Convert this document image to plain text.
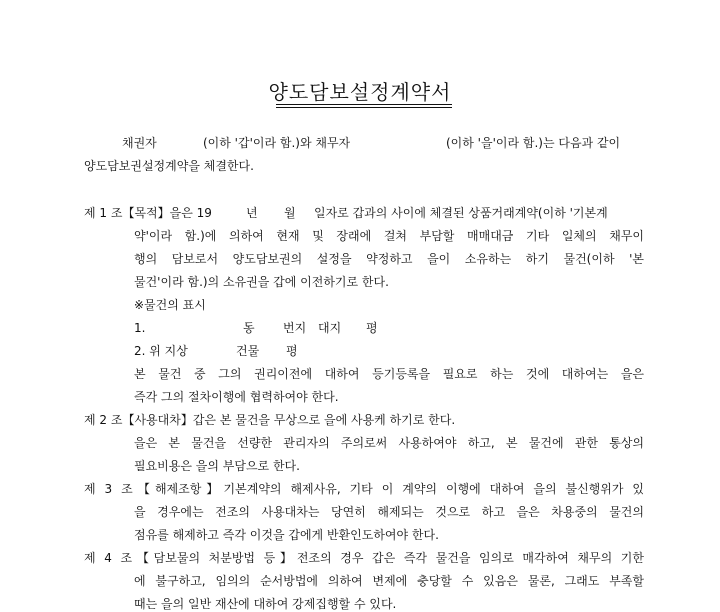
양도담보설정계약서
채권자	(이하 '갑'이라 함.)와 채무자	(이하 '을'이라 함.)는 다음과 같이
양도담보권설정계약을 체결한다.
제 1 조【목적】을은 19	년 월 일자로 갑과의 사이에 체결된 상품거래계약(이하 '기본계
약'이라 함.)에 의하여 현재 및 장래에 걸쳐 부담할 매매대금 기타 일체의 채무이
행의 담보로서 양도담보권의 설정을 약정하고 을이 소유하는 하기 물건(이하 '본
물건'이라 함.)의 소유권을 갑에 이전하기로 한다.
※물건의 표시
1.	동 번지 대지 평
2. 위 지상	건물 평
본 물건 중 그의 권리이전에 대하여 등기등록을 필요로 하는 것에 대하여는 을은
즉각 그의 절차이행에 협력하여야 한다.
제 2 조【사용대차】갑은 본 물건을 무상으로 을에 사용케 하기로 한다.
을은 본 물건을 선량한 관리자의 주의로써 사용하여야 하고, 본 물건에 관한 통상의
필요비용은 을의 부담으로 한다.
제 3 조【해제조항】기본계약의 해제사유, 기타 이 계약의 이행에 대하여 을의 불신행위가 있
을 경우에는 전조의 사용대차는 당연히 해제되는 것으로 하고 을은 차용중의 물건의
점유를 해제하고 즉각 이것을 갑에게 반환인도하여야 한다.
제 4 조【담보물의 처분방법 등】전조의 경우 갑은 즉각 물건을 임의로 매각하여 채무의 기한
에 불구하고, 임의의 순서방법에 의하여 변제에 충당할 수 있음은 물론, 그래도 부족할
때는 을의 일반 재산에 대하여 강제집행할 수 있다.
